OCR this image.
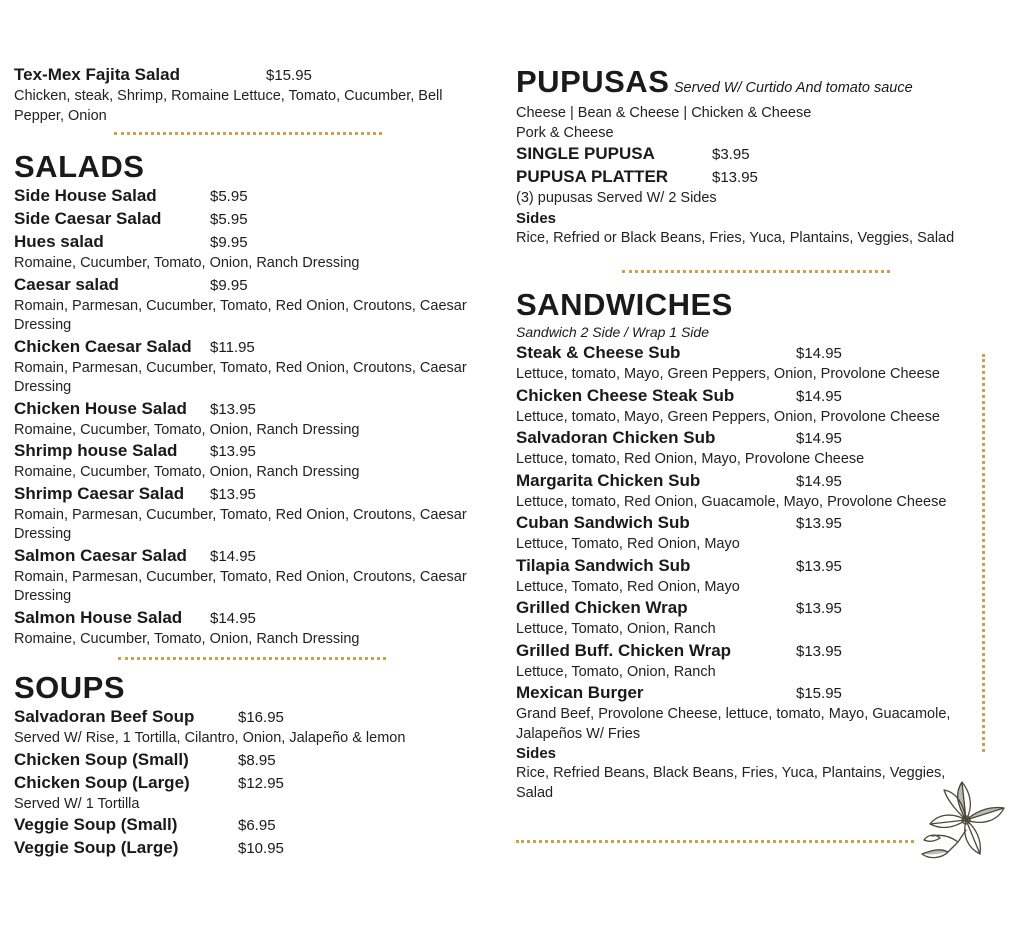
Tex-Mex Fajita Salad	$15.95
Chicken, steak, Shrimp, Romaine Lettuce, Tomato, Cucumber, Bell Pepper, Onion
SALADS
Side House Salad	$5.95
Side Caesar Salad	$5.95
Hues salad	$9.95
Romaine, Cucumber, Tomato, Onion, Ranch Dressing
Caesar salad	$9.95
Romain, Parmesan, Cucumber, Tomato, Red Onion, Croutons, Caesar Dressing
Chicken Caesar Salad	$11.95
Romain, Parmesan, Cucumber, Tomato, Red Onion, Croutons, Caesar Dressing
Chicken House Salad	$13.95
Romaine, Cucumber, Tomato, Onion, Ranch Dressing
Shrimp house Salad	$13.95
Romaine, Cucumber, Tomato, Onion, Ranch Dressing
Shrimp Caesar Salad	$13.95
Romain, Parmesan, Cucumber, Tomato, Red Onion, Croutons, Caesar Dressing
Salmon Caesar Salad	$14.95
Romain, Parmesan, Cucumber, Tomato, Red Onion, Croutons, Caesar Dressing
Salmon House Salad	$14.95
Romaine, Cucumber, Tomato, Onion, Ranch Dressing
SOUPS
Salvadoran Beef Soup	$16.95
Served W/ Rise, 1 Tortilla, Cilantro, Onion, Jalapeño & lemon
Chicken Soup (Small)	$8.95
Chicken Soup (Large)	$12.95
Served W/ 1 Tortilla
Veggie Soup (Small)	$6.95
Veggie Soup (Large)	$10.95
PUPUSAS Served W/ Curtido And tomato sauce
Cheese | Bean & Cheese | Chicken & Cheese
Pork & Cheese
SINGLE PUPUSA	$3.95
PUPUSA PLATTER	$13.95
(3) pupusas Served W/ 2 Sides
Sides
Rice, Refried or Black Beans, Fries, Yuca, Plantains, Veggies, Salad
SANDWICHES
Sandwich 2 Side / Wrap 1 Side
Steak & Cheese Sub	$14.95
Lettuce, tomato, Mayo, Green Peppers, Onion, Provolone Cheese
Chicken Cheese Steak Sub	$14.95
Lettuce, tomato, Mayo, Green Peppers, Onion, Provolone Cheese
Salvadoran Chicken Sub	$14.95
Lettuce, tomato, Red Onion, Mayo, Provolone Cheese
Margarita Chicken Sub	$14.95
Lettuce, tomato, Red Onion, Guacamole, Mayo, Provolone Cheese
Cuban Sandwich Sub	$13.95
Lettuce, Tomato, Red Onion, Mayo
Tilapia Sandwich Sub	$13.95
Lettuce, Tomato, Red Onion, Mayo
Grilled Chicken Wrap	$13.95
Lettuce, Tomato, Onion, Ranch
Grilled Buff. Chicken Wrap	$13.95
Lettuce, Tomato, Onion, Ranch
Mexican Burger	$15.95
Grand Beef, Provolone Cheese, lettuce, tomato, Mayo, Guacamole, Jalapeños W/ Fries
Sides
Rice, Refried Beans, Black Beans, Fries, Yuca, Plantains, Veggies, Salad
